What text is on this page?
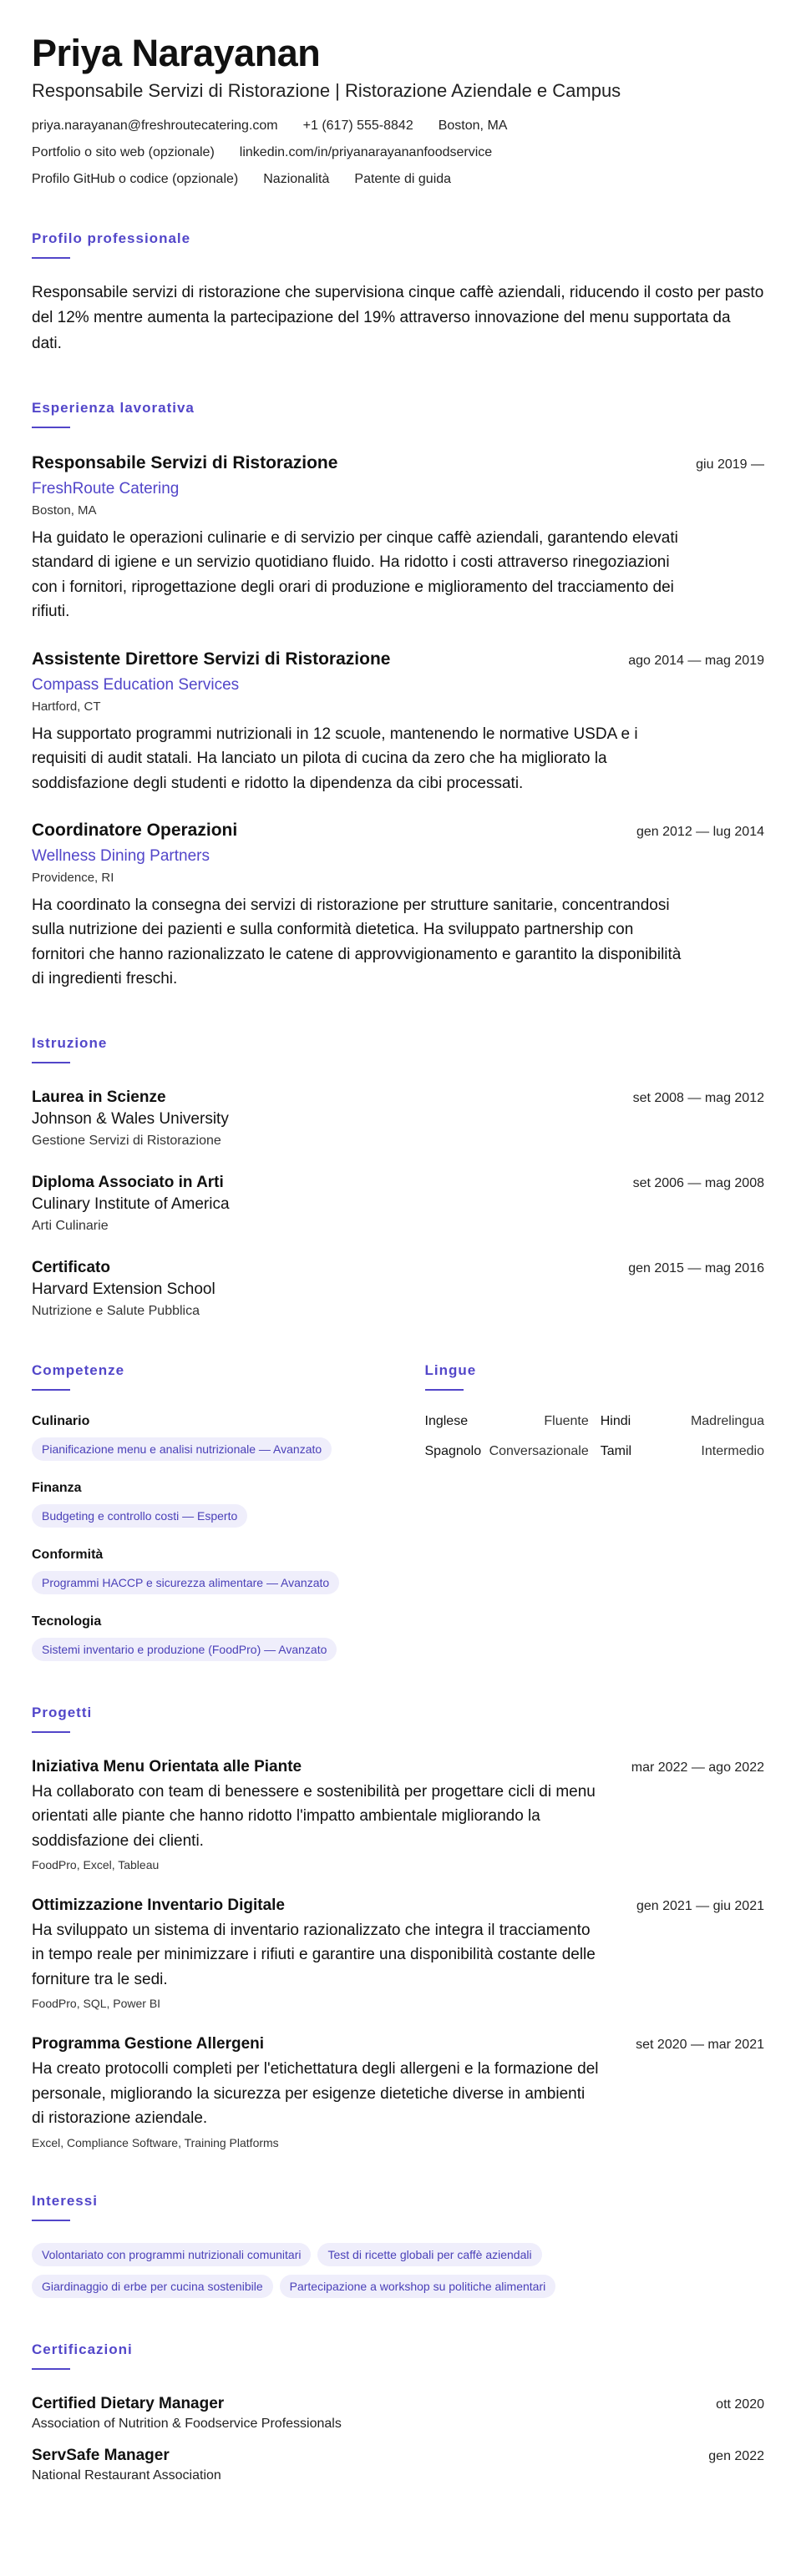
Priya Narayanan
Responsabile Servizi di Ristorazione | Ristorazione Aziendale e Campus
priya.narayanan@freshroutecatering.com +1 (617) 555-8842 Boston, MA
Portfolio o sito web (opzionale) linkedin.com/in/priyanarayananfoodservice
Profilo GitHub o codice (opzionale) Nazionalità Patente di guida
Profilo professionale
Responsabile servizi di ristorazione che supervisiona cinque caffè aziendali, riducendo il costo per pasto del 12% mentre aumenta la partecipazione del 19% attraverso innovazione del menu supportata da dati.
Esperienza lavorativa
Responsabile Servizi di Ristorazione	giu 2019 —
FreshRoute Catering
Boston, MA
Ha guidato le operazioni culinarie e di servizio per cinque caffè aziendali, garantendo elevati standard di igiene e un servizio quotidiano fluido. Ha ridotto i costi attraverso rinegoziazioni con i fornitori, riprogettazione degli orari di produzione e miglioramento del tracciamento dei rifiuti.
Assistente Direttore Servizi di Ristorazione	ago 2014 — mag 2019
Compass Education Services
Hartford, CT
Ha supportato programmi nutrizionali in 12 scuole, mantenendo le normative USDA e i requisiti di audit statali. Ha lanciato un pilota di cucina da zero che ha migliorato la soddisfazione degli studenti e ridotto la dipendenza da cibi processati.
Coordinatore Operazioni	gen 2012 — lug 2014
Wellness Dining Partners
Providence, RI
Ha coordinato la consegna dei servizi di ristorazione per strutture sanitarie, concentrandosi sulla nutrizione dei pazienti e sulla conformità dietetica. Ha sviluppato partnership con fornitori che hanno razionalizzato le catene di approvvigionamento e garantito la disponibilità di ingredienti freschi.
Istruzione
Laurea in Scienze	set 2008 — mag 2012
Johnson & Wales University
Gestione Servizi di Ristorazione
Diploma Associato in Arti	set 2006 — mag 2008
Culinary Institute of America
Arti Culinarie
Certificato	gen 2015 — mag 2016
Harvard Extension School
Nutrizione e Salute Pubblica
Competenze
Culinario
Pianificazione menu e analisi nutrizionale — Avanzato
Finanza
Budgeting e controllo costi — Esperto
Conformità
Programmi HACCP e sicurezza alimentare — Avanzato
Tecnologia
Sistemi inventario e produzione (FoodPro) — Avanzato
Lingue
Inglese	Fluente Hindi	Madrelingua
Spagnolo Conversazionale Tamil	Intermedio
Progetti
Iniziativa Menu Orientata alle Piante	mar 2022 — ago 2022
Ha collaborato con team di benessere e sostenibilità per progettare cicli di menu orientati alle piante che hanno ridotto l'impatto ambientale migliorando la soddisfazione dei clienti.
FoodPro, Excel, Tableau
Ottimizzazione Inventario Digitale	gen 2021 — giu 2021
Ha sviluppato un sistema di inventario razionalizzato che integra il tracciamento in tempo reale per minimizzare i rifiuti e garantire una disponibilità costante delle forniture tra le sedi.
FoodPro, SQL, Power BI
Programma Gestione Allergeni	set 2020 — mar 2021
Ha creato protocolli completi per l'etichettatura degli allergeni e la formazione del personale, migliorando la sicurezza per esigenze dietetiche diverse in ambienti di ristorazione aziendale.
Excel, Compliance Software, Training Platforms
Interessi
Volontariato con programmi nutrizionali comunitari Test di ricette globali per caffè aziendali
Giardinaggio di erbe per cucina sostenibile Partecipazione a workshop su politiche alimentari
Certificazioni
Certified Dietary Manager	ott 2020
Association of Nutrition & Foodservice Professionals
ServSafe Manager	gen 2022
National Restaurant Association
